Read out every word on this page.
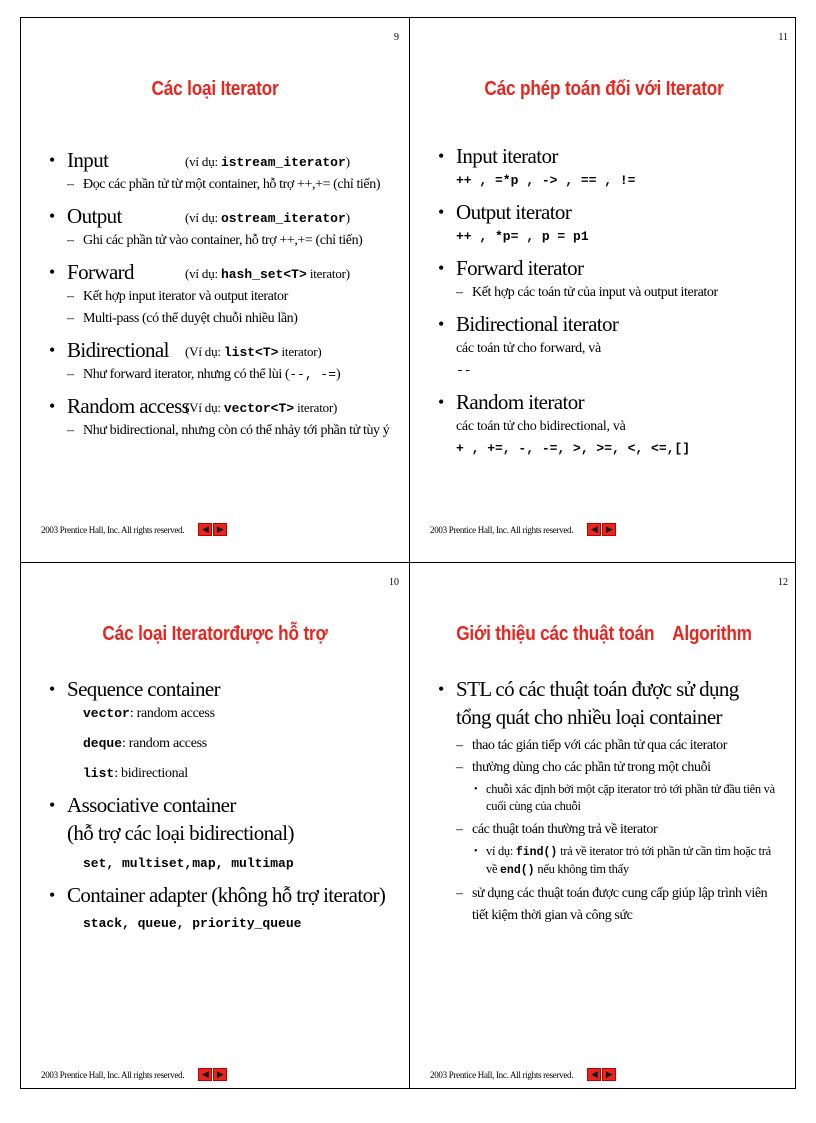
9
Các loại Iterator
• Input	(ví dụ: istream_iterator)
– Đọc các phần tử từ một container, hỗ trợ ++,+= (chỉ tiến)
• Output	(ví dụ: ostream_iterator)
– Ghi các phần tử vào container, hỗ trợ ++,+= (chỉ tiến)
• Forward	(ví dụ: hash_set<T> iterator)
– Kết hợp input iterator và output iterator
– Multi-pass (có thể duyệt chuỗi nhiều lần)
• Bidirectional (Ví dụ: list<T> iterator)
– Như forward iterator, nhưng có thể lùi (--, -=)
• Random access
(Ví dụ: vector<T> iterator)
– Như bidirectional, nhưng còn có thể nhảy tới phần tử tùy ý
2003 Prentice Hall, Inc. All rights reserved.	◀ ▶
11
Các phép toán đối với Iterator
• Input iterator
++ , =*p , -> , == , !=
• Output iterator
++ , *p= , p = p1
• Forward iterator
– Kết hợp các toán tử của input và output iterator
• Bidirectional iterator
các toán tử cho forward, và
--
• Random iterator
các toán tử cho bidirectional, và
+ , +=, -, -=, >, >=, <, <=,[]
2003 Prentice Hall, Inc. All rights reserved.	◀ ▶
10
Các loại Iteratorđược hỗ trợ
• Sequence container
vector: random access
deque: random access
list: bidirectional
• Associative container
(hỗ trợ các loại bidirectional)
set, multiset,map, multimap
• Container adapter (không hỗ trợ iterator)
stack, queue, priority_queue
2003 Prentice Hall, Inc. All rights reserved.	◀ ▶
12
Giới thiệu các thuật toán    Algorithm
• STL có các thuật toán được sử dụng tổng quát cho nhiều loại container
– thao tác gián tiếp với các phần tử qua các iterator
– thường dùng cho các phần tử trong một chuỗi
• chuỗi xác định bởi một cặp iterator trỏ tới phần tử đầu tiên và cuối cùng của chuỗi
– các thuật toán thường trả về iterator
• ví dụ: find() trả về iterator trỏ tới phần tử cần tìm hoặc trả về end() nếu không tìm thấy
– sử dụng các thuật toán được cung cấp giúp lập trình viên tiết kiệm thời gian và công sức
2003 Prentice Hall, Inc. All rights reserved.	◀ ▶
